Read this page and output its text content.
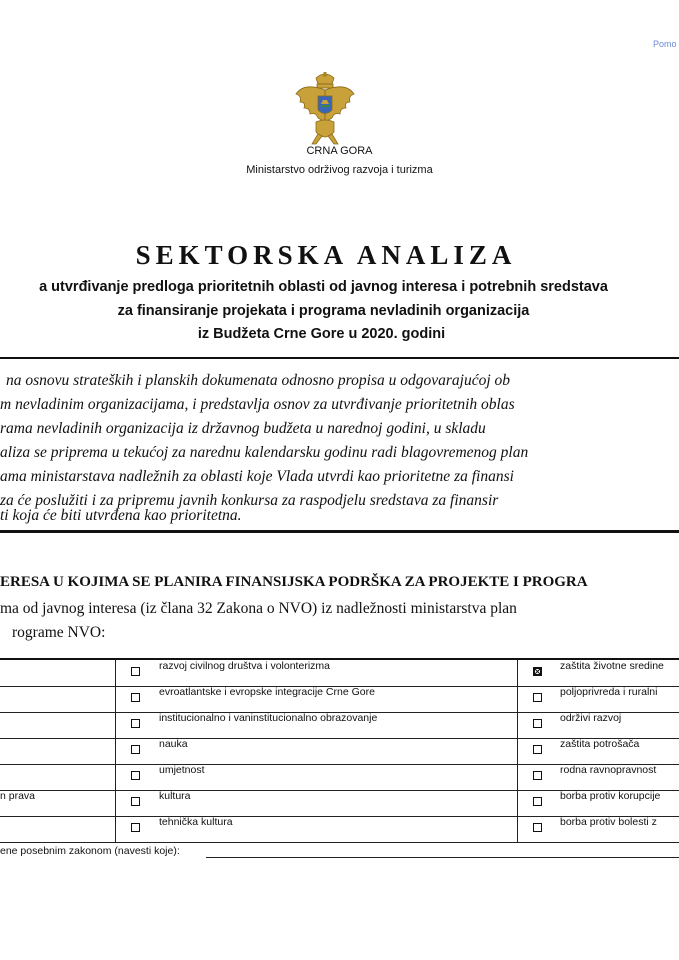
Pomo
CRNA GORA
Ministarstvo održivog razvoja i turizma
SEKTORSKA ANALIZA
a utvrđivanje predloga prioritetnih oblasti od javnog interesa i potrebnih sredstava
za finansiranje projekata i programa nevladinih organizacija
iz Budžeta Crne Gore u 2020. godini
na osnovu strateških i planskih dokumenata odnosno propisa u odgovarajućoj ob
m nevladinim organizacijama, i predstavlja osnov za utvrđivanje prioritetnih oblas
rama nevladinih organizacija iz državnog budžeta u narednoj godini, u skladu
aliza se priprema u tekućoj za narednu kalendarsku godinu radi blagovremenog plan
ama ministarstava nadležnih za oblasti koje Vlada utvrdi kao prioritetne za finansi
za će poslužiti i za pripremu javnih konkursa za raspodjelu sredstava za finansir
ti koja će biti utvrđena kao prioritetna.
ERESA U KOJIMA SE PLANIRA FINANSIJSKA PODRŠKA ZA PROJEKTE I PROGRA
ma od javnog interesa (iz člana 32 Zakona o NVO) iz nadležnosti ministarstva plan
rograme NVO:
razvoj civilnog društva i volonterizma	zaštita životne sredine
evroatlantske i evropske integracije Crne Gore	poljoprivreda i ruralni
institucionalno i vaninstitucionalno obrazovanje	održivi razvoj
nauka	zaštita potrošača
umjetnost	rodna ravnopravnost
n prava	kultura	borba protiv korupcije
tehnička kultura	borba protiv bolesti z
ene posebnim zakonom (navesti koje):
